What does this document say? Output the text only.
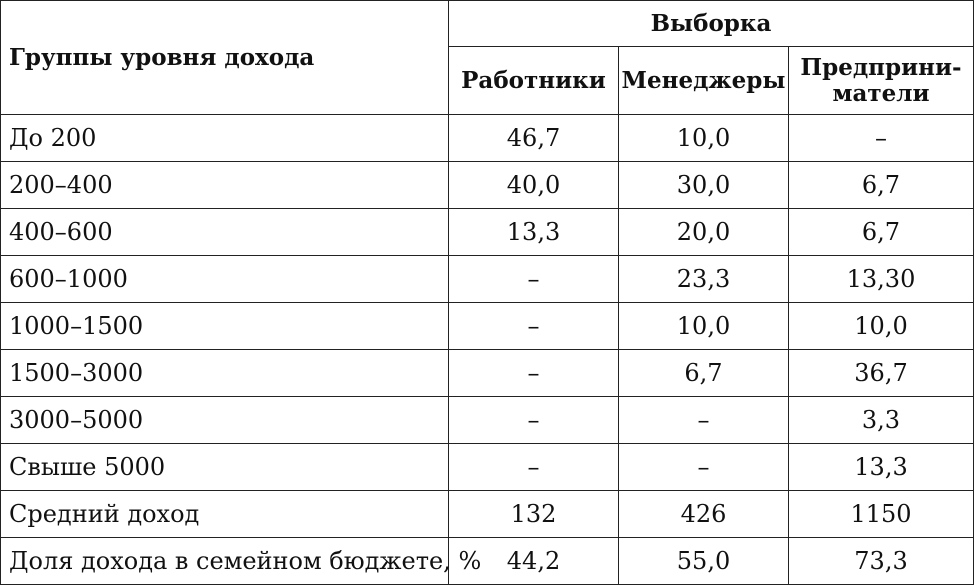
Группы уровня дохода	Выборка		
	Работники	Менеджеры	Предприни-
матели

До 200	46,7	10,0	–
200–400	40,0	30,0	6,7
400–600	13,3	20,0	6,7
600–1000	–	23,3	13,30
1000–1500	–	10,0	10,0
1500–3000	–	6,7	36,7
3000–5000	–	–	3,3
Свыше 5000	–	–	13,3
Средний доход	132	426	1150
Доля дохода в семейном бюджете, %	44,2	55,0	73,3
